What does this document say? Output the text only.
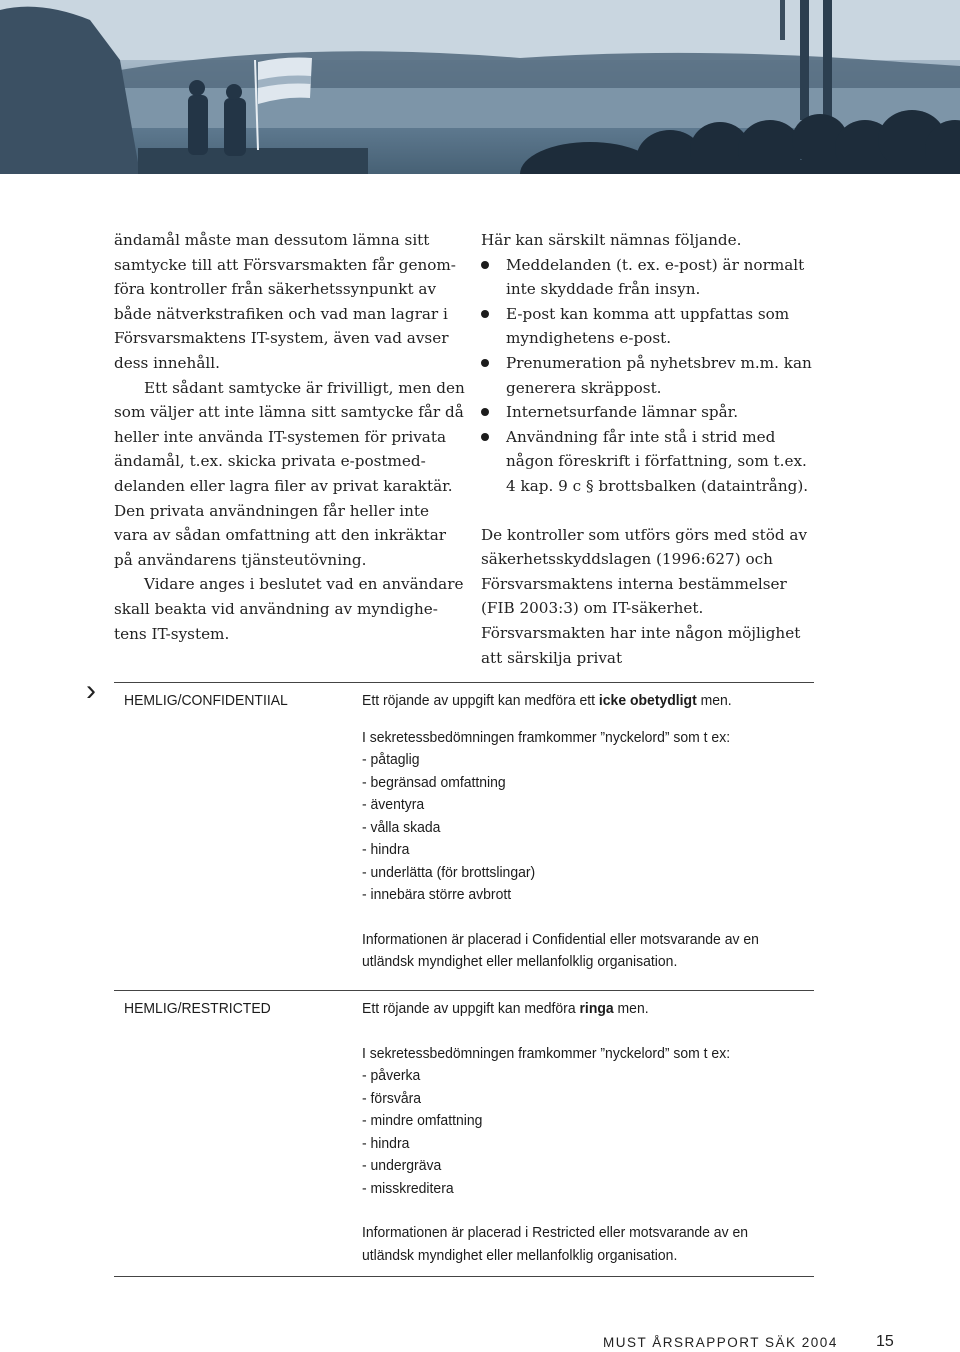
ändamål måste man dessutom lämna sitt samtycke till att Försvarsmakten får genom-föra kontroller från säkerhetssynpunkt av både nätverkstrafiken och vad man lagrar i Försvarsmaktens IT-system, även vad avser dess innehåll.

Ett sådant samtycke är frivilligt, men den som väljer att inte lämna sitt samtycke får då heller inte använda IT-systemen för privata ändamål, t.ex. skicka privata e-postmed-delanden eller lagra filer av privat karaktär. Den privata användningen får heller inte vara av sådan omfattning att den inkräktar på användarens tjänsteutövning.

Vidare anges i beslutet vad en användare skall beakta vid användning av myndighe-tens IT-system.

Här kan särskilt nämnas följande.

Meddelanden (t. ex. e-post) är normalt inte skyddade från insyn.
E-post kan komma att uppfattas som myndighetens e-post.
Prenumeration på nyhetsbrev m.m. kan generera skräppost.
Internetsurfande lämnar spår.
Användning får inte stå i strid med någon föreskrift i författning, som t.ex. 4 kap. 9 c § brottsbalken (dataintrång).

De kontroller som utförs görs med stöd av säkerhetsskyddslagen (1996:627) och Försvarsmaktens interna bestämmelser (FIB 2003:3) om IT-säkerhet. Försvarsmakten har inte någon möjlighet att särskilja privat

› HEMLIG/CONFIDENTIIAL	Ett röjande av uppgift kan medföra ett icke obetydligt men.

I sekretessbedömningen framkommer ”nyckelord” som t ex:

- påtaglig

- begränsad omfattning

- äventyra

- vålla skada

- hindra

- underlätta (för brottslingar)

- innebära större avbrott

Informationen är placerad i Confidential eller motsvarande av en utländsk myndighet eller mellanfolklig organisation.

HEMLIG/RESTRICTED	Ett röjande av uppgift kan medföra ringa men.

I sekretessbedömningen framkommer ”nyckelord” som t ex:

- påverka

- försvåra

- mindre omfattning

- hindra

- undergräva

- misskreditera

Informationen är placerad i Restricted eller motsvarande av en utländsk myndighet eller mellanfolklig organisation.

MUST ÅRSRAPPORT SÄK 2004 15
